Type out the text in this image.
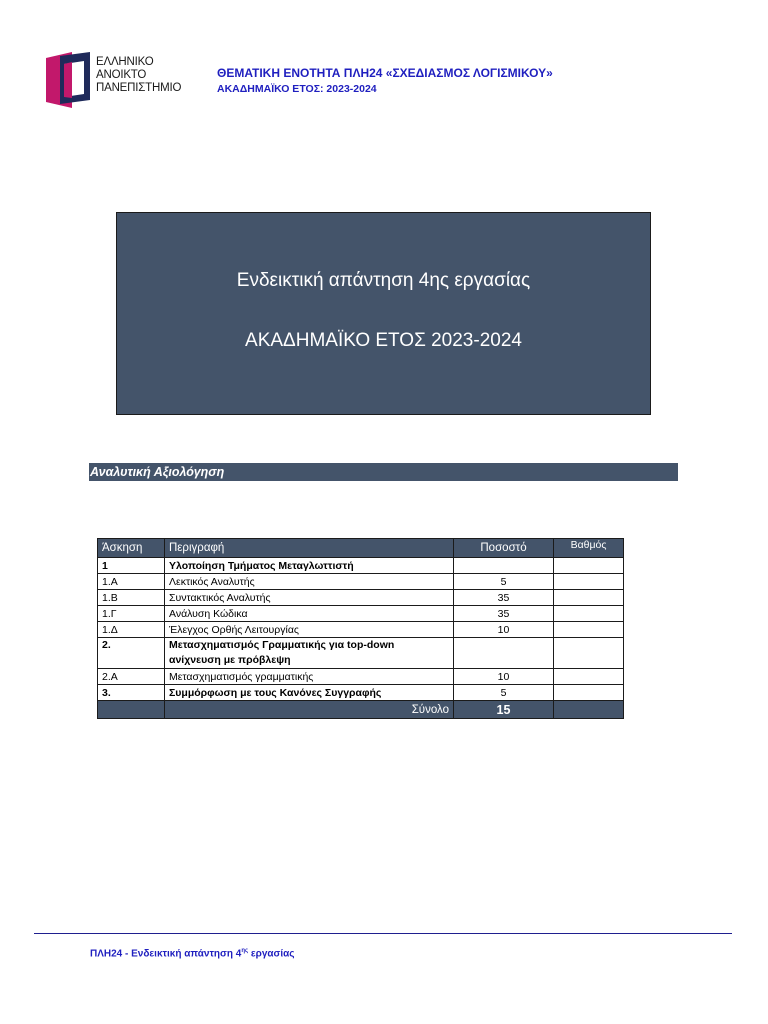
ΕΛΛΗΝΙΚΟ
ΑΝΟΙΚΤΟ
ΠΑΝΕΠΙΣΤΗΜΙΟ
ΘΕΜΑΤΙΚΗ ΕΝΟΤΗΤΑ ΠΛΗ24 «ΣΧΕΔΙΑΣΜΟΣ ΛΟΓΙΣΜΙΚΟΥ»
ΑΚΑΔΗΜΑΪΚΟ ΕΤΟΣ: 2023-2024
Ενδεικτική απάντηση 4ης εργασίας
ΑΚΑΔΗΜΑΪΚΟ ΕΤΟΣ 2023-2024
Αναλυτική Αξιολόγηση
Άσκηση	Περιγραφή	Ποσοστό	Βαθμός
1	Υλοποίηση Τμήματος Μεταγλωττιστή		
1.Α	Λεκτικός Αναλυτής	5	
1.Β	Συντακτικός Αναλυτής	35	
1.Γ	Ανάλυση Κώδικα	35	
1.Δ	Έλεγχος Ορθής Λειτουργίας	10	
2.	Μετασχηματισμός Γραμματικής για top-down
ανίχνευση με πρόβλεψη		

2.Α	Μετασχηματισμός γραμματικής	10	
3.	Συμμόρφωση με τους Κανόνες Συγγραφής	5	
	Σύνολο	15	
ΠΛΗ24 - Ενδεικτική απάντηση $4^{\eta\varsigma}$ εργασίας
